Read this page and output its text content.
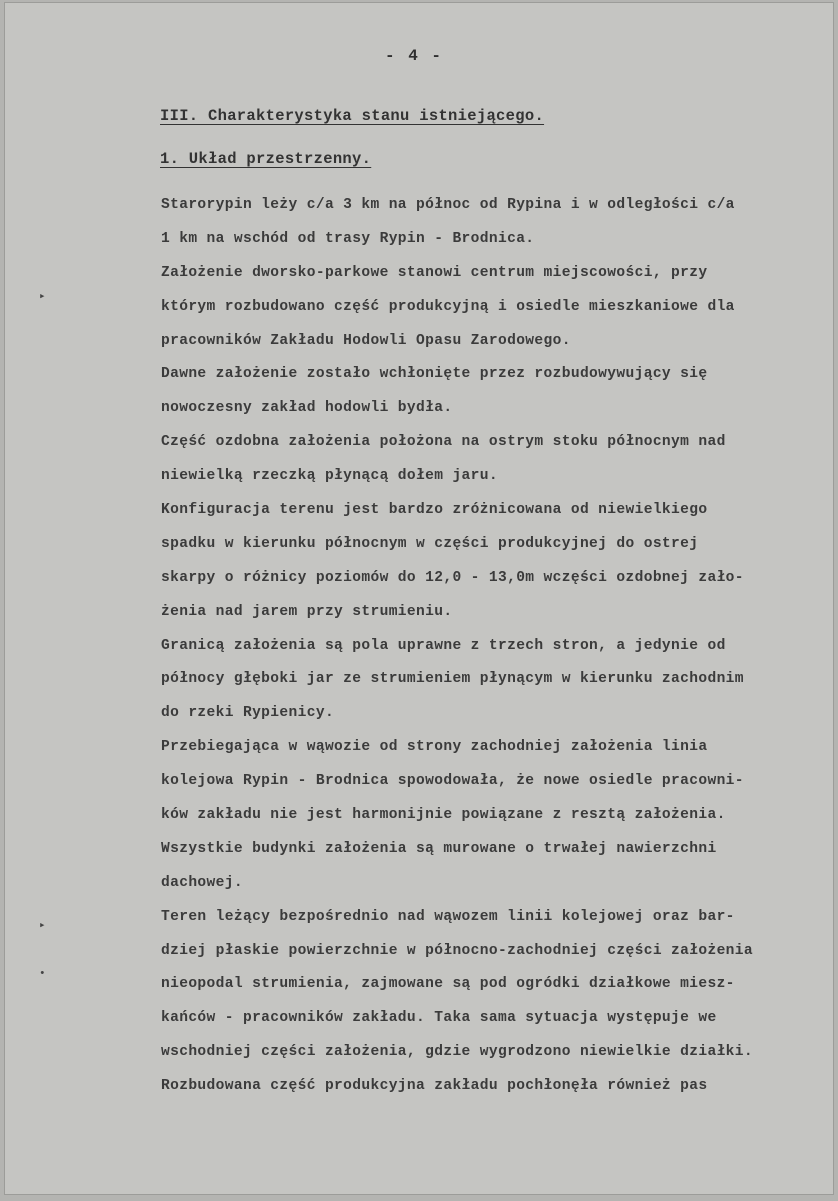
- 4 -
III. Charakterystyka stanu istniejącego.
1. Układ przestrzenny.
▸
▸
•
Starorypin leży c/a 3 km na północ od Rypina i w odległości c/a
1 km na wschód od trasy Rypin - Brodnica.
Założenie dworsko-parkowe stanowi centrum miejscowości, przy
którym rozbudowano część produkcyjną i osiedle mieszkaniowe dla
pracowników Zakładu Hodowli Opasu Zarodowego.
Dawne założenie zostało wchłonięte przez rozbudowywujący się
nowoczesny zakład hodowli bydła.
Część ozdobna założenia położona na ostrym stoku północnym nad
niewielką rzeczką płynącą dołem jaru.
Konfiguracja terenu jest bardzo zróżnicowana od niewielkiego
spadku w kierunku północnym w części produkcyjnej do ostrej
skarpy o różnicy poziomów do 12,0 - 13,0m wczęści ozdobnej zało-
żenia nad jarem przy strumieniu.
Granicą założenia są pola uprawne z trzech stron, a jedynie od
północy głęboki jar ze strumieniem płynącym w kierunku zachodnim
do rzeki Rypienicy.
Przebiegająca w wąwozie od strony zachodniej założenia linia
kolejowa Rypin - Brodnica spowodowała, że nowe osiedle pracowni-
ków zakładu nie jest harmonijnie powiązane z resztą założenia.
Wszystkie budynki założenia są murowane o trwałej nawierzchni
dachowej.
Teren leżący bezpośrednio nad wąwozem linii kolejowej oraz bar-
dziej płaskie powierzchnie w północno-zachodniej części założenia
nieopodal strumienia, zajmowane są pod ogródki działkowe miesz-
kańców - pracowników zakładu. Taka sama sytuacja występuje we
wschodniej części założenia, gdzie wygrodzono niewielkie działki.
Rozbudowana część produkcyjna zakładu pochłonęła również pas
